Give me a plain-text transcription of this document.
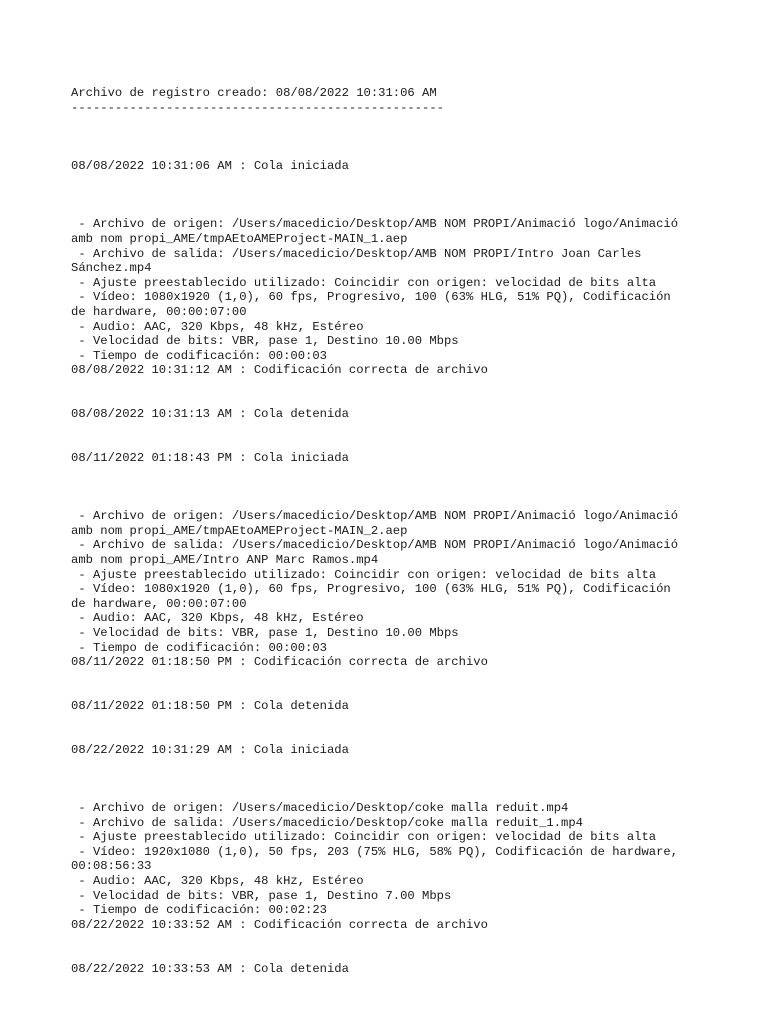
Archivo de registro creado: 08/08/2022 10:31:06 AM
---------------------------------------------------
08/08/2022 10:31:06 AM : Cola iniciada
- Archivo de origen: /Users/macedicio/Desktop/AMB NOM PROPI/Animació logo/Animació
amb nom propi_AME/tmpAEtoAMEProject-MAIN_1.aep
- Archivo de salida: /Users/macedicio/Desktop/AMB NOM PROPI/Intro Joan Carles
Sánchez.mp4
- Ajuste preestablecido utilizado: Coincidir con origen: velocidad de bits alta
- Vídeo: 1080x1920 (1,0), 60 fps, Progresivo, 100 (63% HLG, 51% PQ), Codificación
de hardware, 00:00:07:00
- Audio: AAC, 320 Kbps, 48 kHz, Estéreo
- Velocidad de bits: VBR, pase 1, Destino 10.00 Mbps
- Tiempo de codificación: 00:00:03
08/08/2022 10:31:12 AM : Codificación correcta de archivo
08/08/2022 10:31:13 AM : Cola detenida
08/11/2022 01:18:43 PM : Cola iniciada
- Archivo de origen: /Users/macedicio/Desktop/AMB NOM PROPI/Animació logo/Animació
amb nom propi_AME/tmpAEtoAMEProject-MAIN_2.aep
- Archivo de salida: /Users/macedicio/Desktop/AMB NOM PROPI/Animació logo/Animació
amb nom propi_AME/Intro ANP Marc Ramos.mp4
- Ajuste preestablecido utilizado: Coincidir con origen: velocidad de bits alta
- Vídeo: 1080x1920 (1,0), 60 fps, Progresivo, 100 (63% HLG, 51% PQ), Codificación
de hardware, 00:00:07:00
- Audio: AAC, 320 Kbps, 48 kHz, Estéreo
- Velocidad de bits: VBR, pase 1, Destino 10.00 Mbps
- Tiempo de codificación: 00:00:03
08/11/2022 01:18:50 PM : Codificación correcta de archivo
08/11/2022 01:18:50 PM : Cola detenida
08/22/2022 10:31:29 AM : Cola iniciada
- Archivo de origen: /Users/macedicio/Desktop/coke malla reduit.mp4
- Archivo de salida: /Users/macedicio/Desktop/coke malla reduit_1.mp4
- Ajuste preestablecido utilizado: Coincidir con origen: velocidad de bits alta
- Vídeo: 1920x1080 (1,0), 50 fps, 203 (75% HLG, 58% PQ), Codificación de hardware,
00:08:56:33
- Audio: AAC, 320 Kbps, 48 kHz, Estéreo
- Velocidad de bits: VBR, pase 1, Destino 7.00 Mbps
- Tiempo de codificación: 00:02:23
08/22/2022 10:33:52 AM : Codificación correcta de archivo
08/22/2022 10:33:53 AM : Cola detenida
